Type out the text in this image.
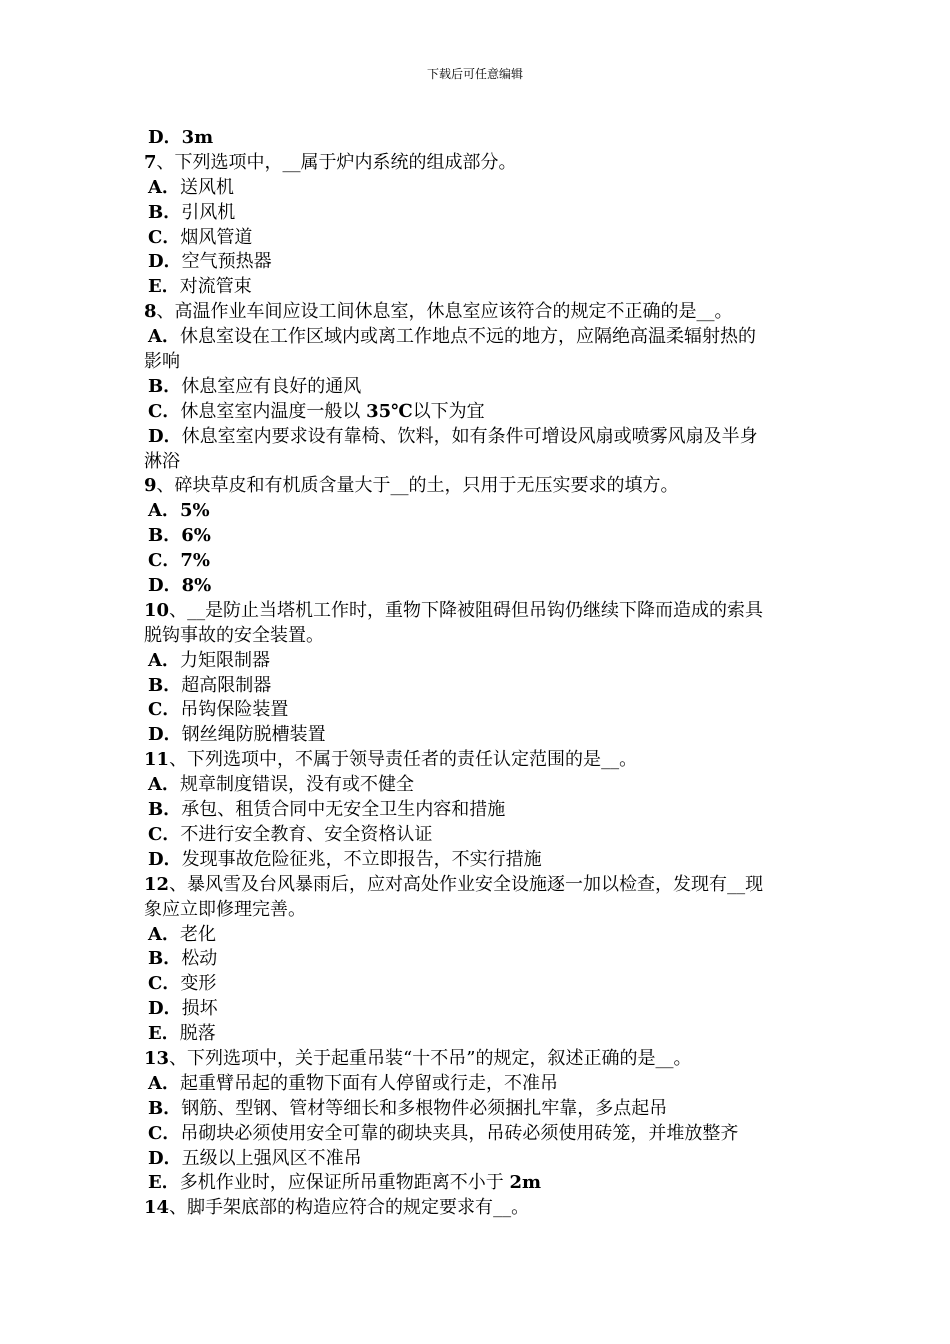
下载后可任意编辑
D．3m
7、下列选项中，__属于炉内系统的组成部分。
A．送风机
B．引风机
C．烟风管道
D．空气预热器
E．对流管束
8、高温作业车间应设工间休息室，休息室应该符合的规定不正确的是__。
A．休息室设在工作区域内或离工作地点不远的地方，应隔绝高温柔辐射热的
影响
B．休息室应有良好的通风
C．休息室室内温度一般以 35℃以下为宜
D．休息室室内要求设有靠椅、饮料，如有条件可增设风扇或喷雾风扇及半身
淋浴
9、碎块草皮和有机质含量大于__的土，只用于无压实要求的填方。
A．5%
B．6%
C．7%
D．8%
10、__是防止当塔机工作时，重物下降被阻碍但吊钩仍继续下降而造成的索具
脱钩事故的安全装置。
A．力矩限制器
B．超高限制器
C．吊钩保险装置
D．钢丝绳防脱槽装置
11、下列选项中，不属于领导责任者的责任认定范围的是__。
A．规章制度错误，没有或不健全
B．承包、租赁合同中无安全卫生内容和措施
C．不进行安全教育、安全资格认证
D．发现事故危险征兆，不立即报告，不实行措施
12、暴风雪及台风暴雨后，应对高处作业安全设施逐一加以检查，发现有__现
象应立即修理完善。
A．老化
B．松动
C．变形
D．损坏
E．脱落
13、下列选项中，关于起重吊装“十不吊”的规定，叙述正确的是__。
A．起重臂吊起的重物下面有人停留或行走，不准吊
B．钢筋、型钢、管材等细长和多根物件必须捆扎牢靠，多点起吊
C．吊砌块必须使用安全可靠的砌块夹具，吊砖必须使用砖笼，并堆放整齐
D．五级以上强风区不准吊
E．多机作业时，应保证所吊重物距离不小于 2m
14、脚手架底部的构造应符合的规定要求有__。
